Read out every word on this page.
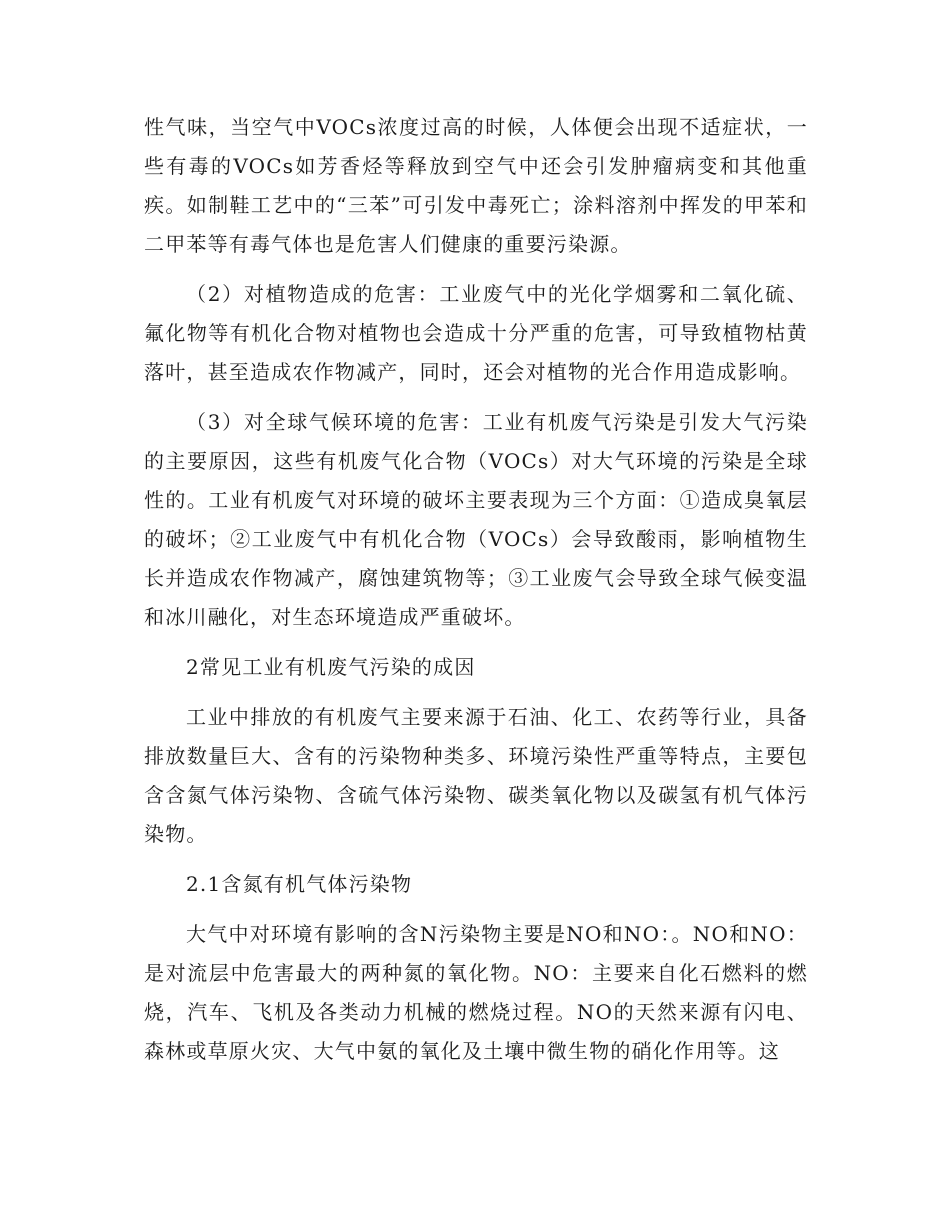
性气味，当空气中VOCs浓度过高的时候，人体便会出现不适症状，一些有毒的VOCs如芳香烃等释放到空气中还会引发肿瘤病变和其他重疾。如制鞋工艺中的“三苯”可引发中毒死亡；涂料溶剂中挥发的甲苯和二甲苯等有毒气体也是危害人们健康的重要污染源。

（2）对植物造成的危害：工业废气中的光化学烟雾和二氧化硫、氟化物等有机化合物对植物也会造成十分严重的危害，可导致植物枯黄落叶，甚至造成农作物减产，同时，还会对植物的光合作用造成影响。

（3）对全球气候环境的危害：工业有机废气污染是引发大气污染的主要原因，这些有机废气化合物（VOCs）对大气环境的污染是全球性的。工业有机废气对环境的破坏主要表现为三个方面：①造成臭氧层的破坏；②工业废气中有机化合物（VOCs）会导致酸雨，影响植物生长并造成农作物减产，腐蚀建筑物等；③工业废气会导致全球气候变温和冰川融化，对生态环境造成严重破坏。

2常见工业有机废气污染的成因

工业中排放的有机废气主要来源于石油、化工、农药等行业，具备排放数量巨大、含有的污染物种类多、环境污染性严重等特点，主要包含含氮气体污染物、含硫气体污染物、碳类氧化物以及碳氢有机气体污染物。

2.1含氮有机气体污染物

大气中对环境有影响的含N污染物主要是NO和NO：。NO和NO：是对流层中危害最大的两种氮的氧化物。NO：主要来自化石燃料的燃烧，汽车、飞机及各类动力机械的燃烧过程。NO的天然来源有闪电、森林或草原火灾、大气中氨的氧化及土壤中微生物的硝化作用等。这
